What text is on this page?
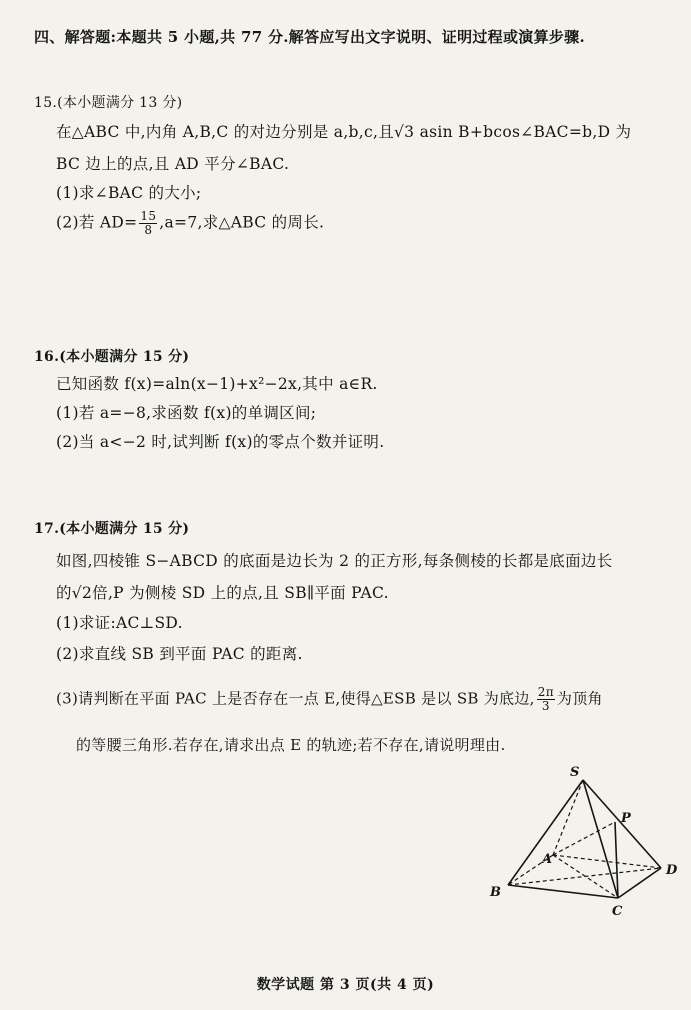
四、解答题:本题共 5 小题,共 77 分.解答应写出文字说明、证明过程或演算步骤.
15.(本小题满分 13 分)
在△ABC 中,内角 A,B,C 的对边分别是 a,b,c,且√3 asin B+bcos∠BAC=b,D 为
BC 边上的点,且 AD 平分∠BAC.
(1)求∠BAC 的大小;
(2)若 $AD= \frac{15}{8} ,a=7$,求△ABC 的周长.
16.(本小题满分 15 分)
已知函数 f(x)=aln(x−1)+x²−2x,其中 a∈R.
(1)若 a=−8,求函数 f(x)的单调区间;
(2)当 a<−2 时,试判断 f(x)的零点个数并证明.
17.(本小题满分 15 分)
如图,四棱锥 S−ABCD 的底面是边长为 2 的正方形,每条侧棱的长都是底面边长
的√2倍,P 为侧棱 SD 上的点,且 SB∥平面 PAC.
(1)求证:AC⊥SD.
(2)求直线 SB 到平面 PAC 的距离.
(3)请判断在平面 PAC 上是否存在一点 E,使得△ESB 是以 SB 为底边, $\frac{2\pi}{3}$ 为顶角
的等腰三角形.若存在,请求出点 E 的轨迹;若不存在,请说明理由.
S
P
A
D
B
C
数学试题 第 3 页(共 4 页)
